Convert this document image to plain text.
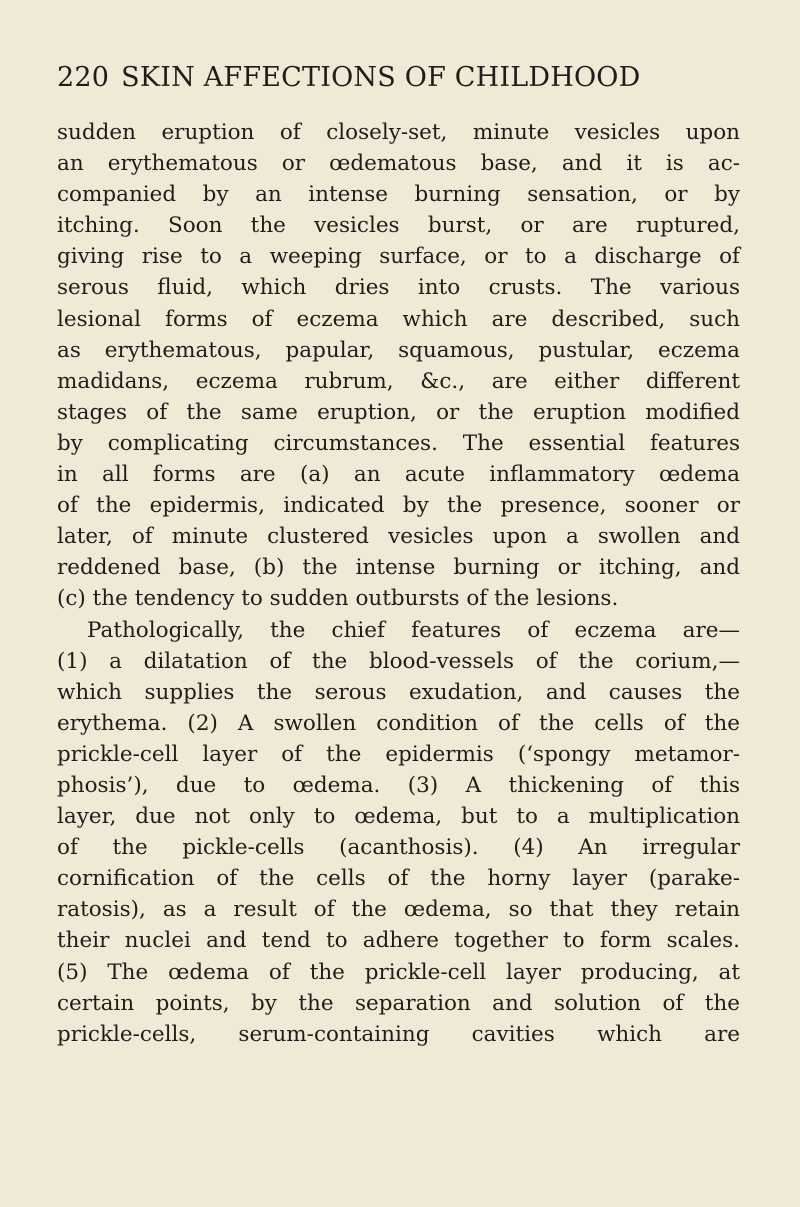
220 SKIN AFFECTIONS OF CHILDHOOD
sudden eruption of closely-set, minute vesicles upon
an erythematous or œdematous base, and it is ac-
companied by an intense burning sensation, or by
itching. Soon the vesicles burst, or are ruptured,
giving rise to a weeping surface, or to a discharge of
serous fluid, which dries into crusts. The various
lesional forms of eczema which are described, such
as erythematous, papular, squamous, pustular, eczema
madidans, eczema rubrum, &c., are either different
stages of the same eruption, or the eruption modified
by complicating circumstances. The essential features
in all forms are (a) an acute inflammatory œdema
of the epidermis, indicated by the presence, sooner or
later, of minute clustered vesicles upon a swollen and
reddened base, (b) the intense burning or itching, and
(c) the tendency to sudden outbursts of the lesions.
Pathologically, the chief features of eczema are—
(1) a dilatation of the blood-vessels of the corium,—
which supplies the serous exudation, and causes the
erythema. (2) A swollen condition of the cells of the
prickle-cell layer of the epidermis (‘spongy metamor-
phosis’), due to œdema. (3) A thickening of this
layer, due not only to œdema, but to a multiplication
of the pickle-cells (acanthosis). (4) An irregular
cornification of the cells of the horny layer (parake-
ratosis), as a result of the œdema, so that they retain
their nuclei and tend to adhere together to form scales.
(5) The œdema of the prickle-cell layer producing, at
certain points, by the separation and solution of the
prickle-cells, serum-containing cavities which are
